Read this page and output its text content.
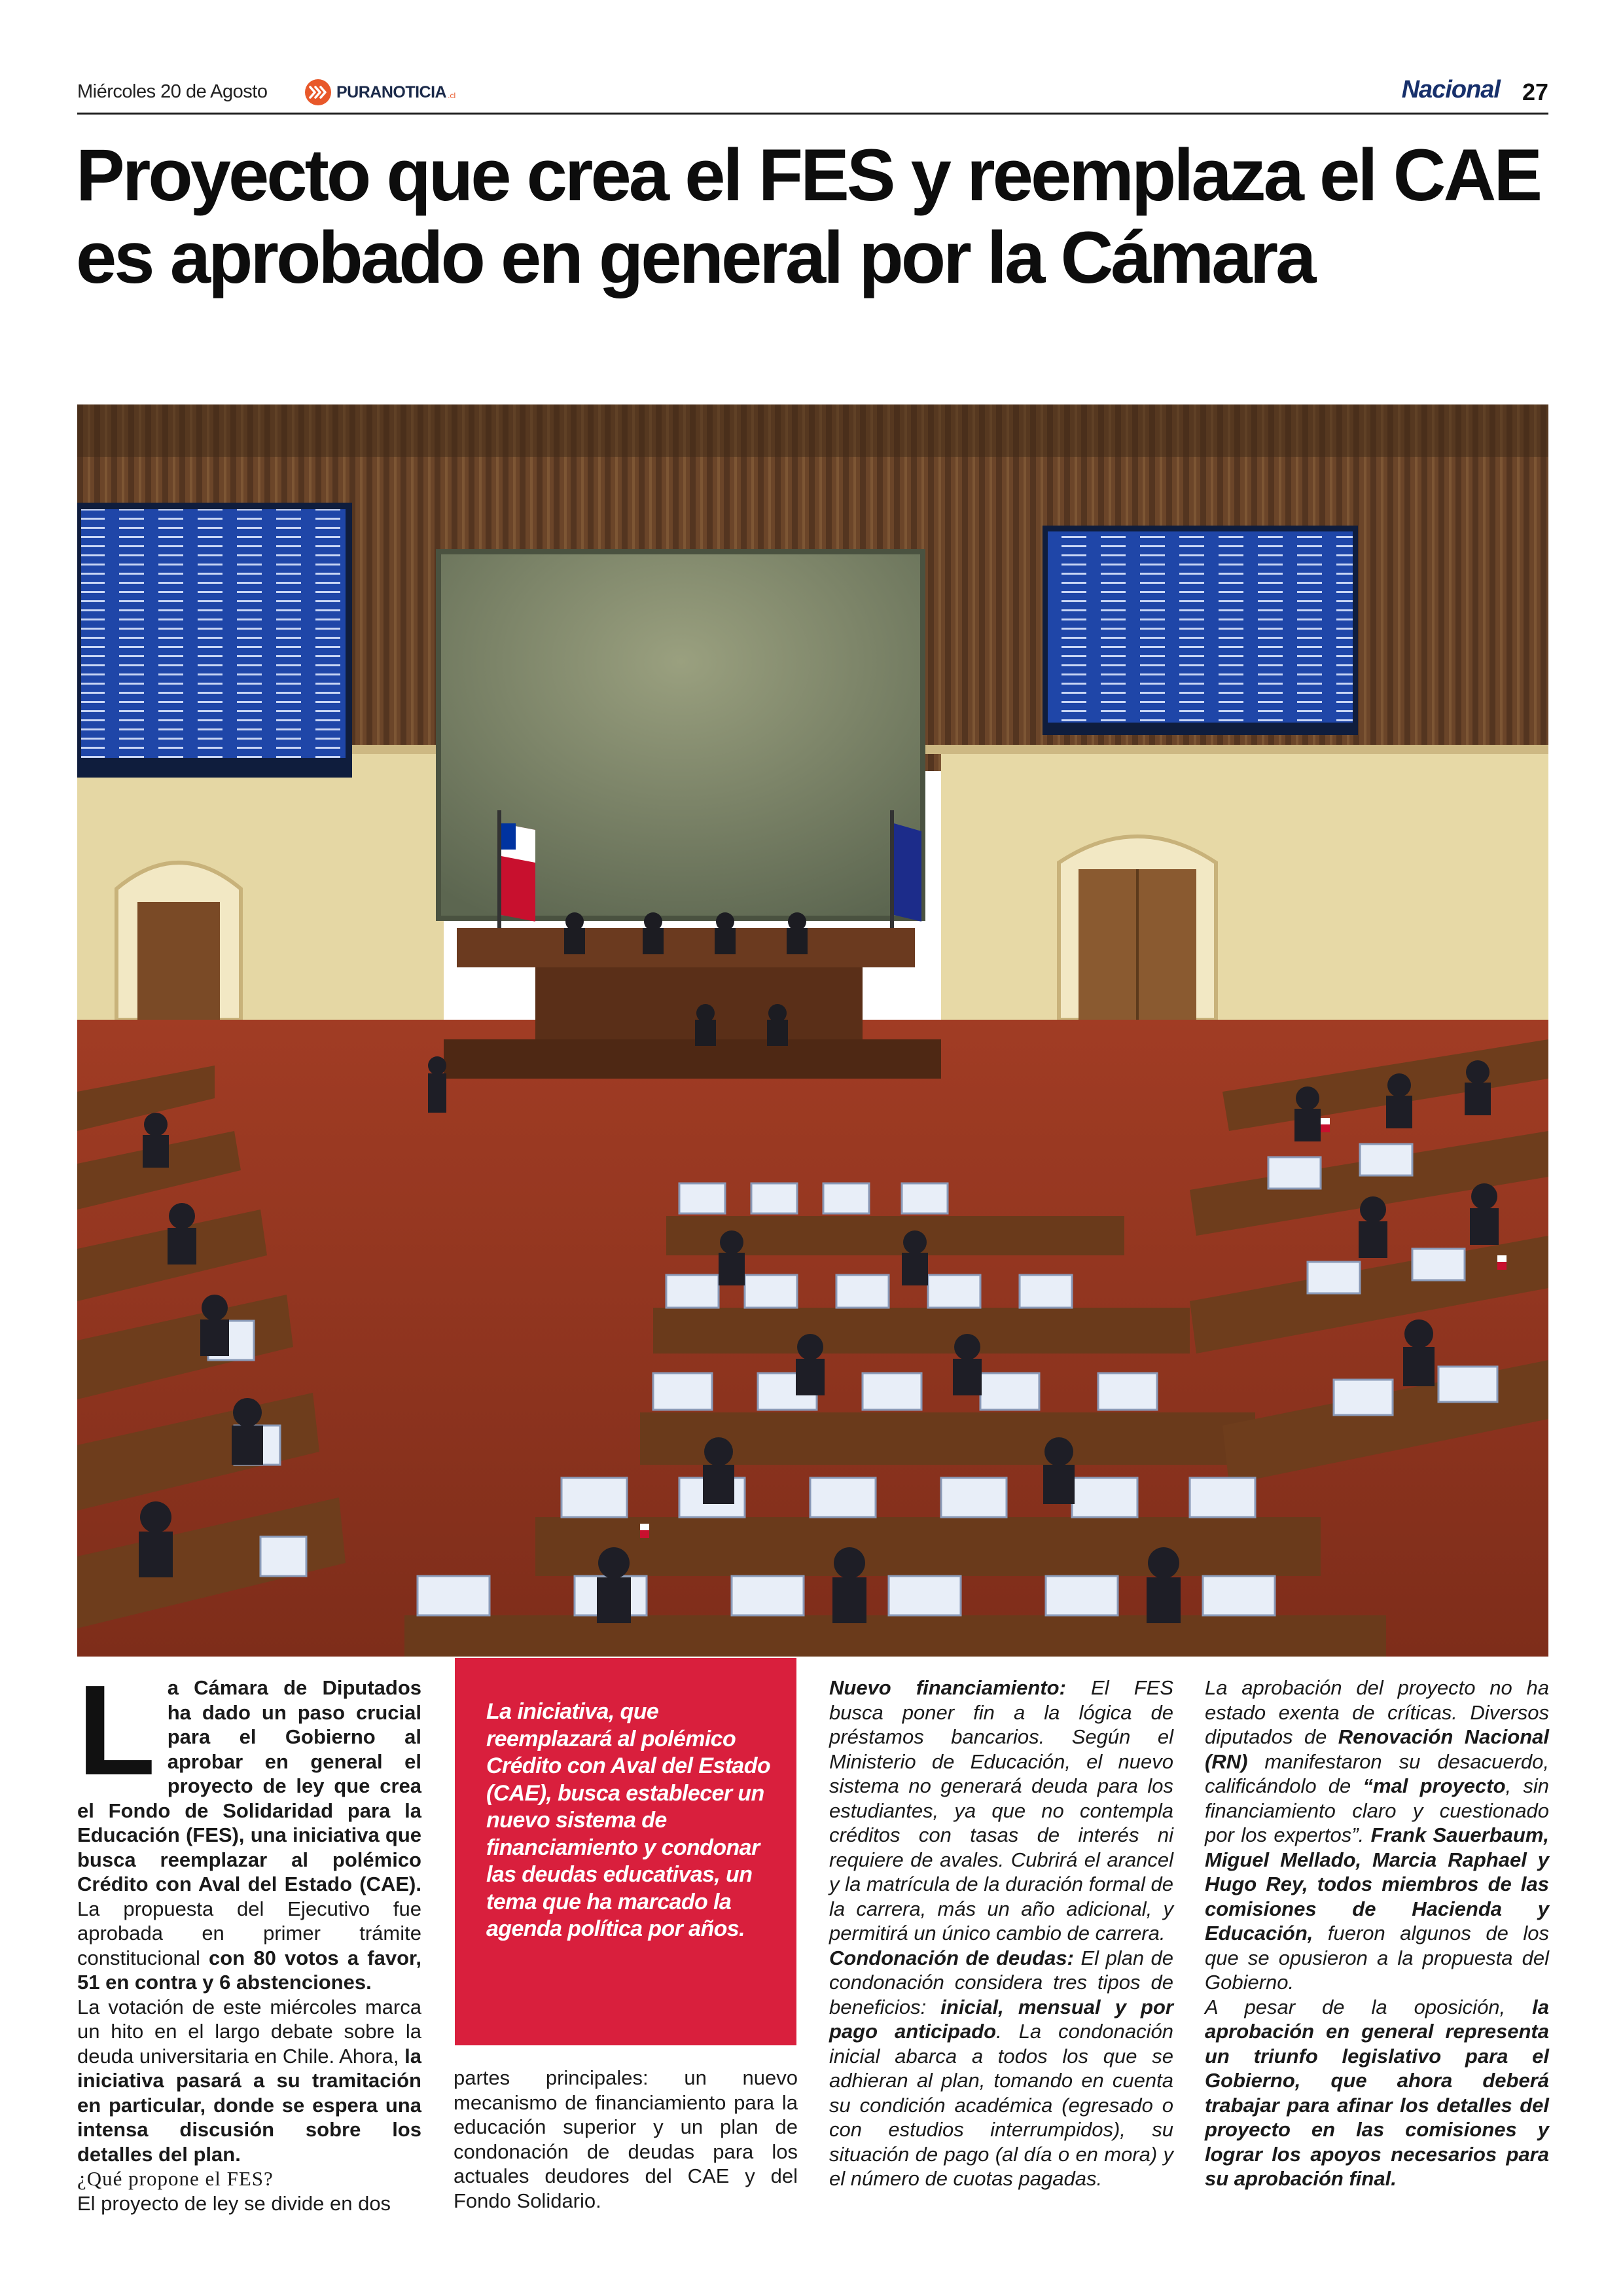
Miércoles 20 de Agosto	PURANOTICIA .cl	Nacional 27
Proyecto que crea el FES y reemplaza el CAE es aprobado en general por la Cámara

La Cámara de Diputados ha dado un paso crucial para el Gobierno al aprobar en general el proyecto de ley que crea el Fondo de Solidaridad para la Educación (FES), una iniciativa que busca reemplazar al polémico Crédito con Aval del Estado (CAE). La propuesta del Ejecutivo fue aprobada en primer trámite constitucional con 80 votos a favor, 51 en contra y 6 abstenciones.

La votación de este miércoles marca un hito en el largo debate sobre la deuda universitaria en Chile. Ahora, la iniciativa pasará a su tramitación en particular, donde se espera una intensa discusión sobre los detalles del plan.

¿Qué propone el FES?

El proyecto de ley se divide en dos

La iniciativa, que reemplazará al polémico Crédito con Aval del Estado (CAE), busca establecer un nuevo sistema de financiamiento y condonar las deudas educativas, un tema que ha marcado la agenda política por años.

partes principales: un nuevo mecanismo de financiamiento para la educación superior y un plan de condonación de deudas para los actuales deudores del CAE y del Fondo Solidario.

Nuevo financiamiento: El FES busca poner fin a la lógica de préstamos bancarios. Según el Ministerio de Educación, el nuevo sistema no generará deuda para los estudiantes, ya que no contempla créditos con tasas de interés ni requiere de avales. Cubrirá el arancel y la matrícula de la duración formal de la carrera, más un año adicional, y permitirá un único cambio de carrera.

Condonación de deudas: El plan de condonación considera tres tipos de beneficios: inicial, mensual y por pago anticipado. La condonación inicial abarca a todos los que se adhieran al plan, tomando en cuenta su condición académica (egresado o con estudios interrumpidos), su situación de pago (al día o en mora) y el número de cuotas pagadas.

La aprobación del proyecto no ha estado exenta de críticas. Diversos diputados de Renovación Nacional (RN) manifestaron su desacuerdo, calificándolo de “mal proyecto, sin financiamiento claro y cuestionado por los expertos”. Frank Sauerbaum, Miguel Mellado, Marcia Raphael y Hugo Rey, todos miembros de las comisiones de Hacienda y Educación, fueron algunos de los que se opusieron a la propuesta del Gobierno.

A pesar de la oposición, la aprobación en general representa un triunfo legislativo para el Gobierno, que ahora deberá trabajar para afinar los detalles del proyecto en las comisiones y lograr los apoyos necesarios para su aprobación final.
